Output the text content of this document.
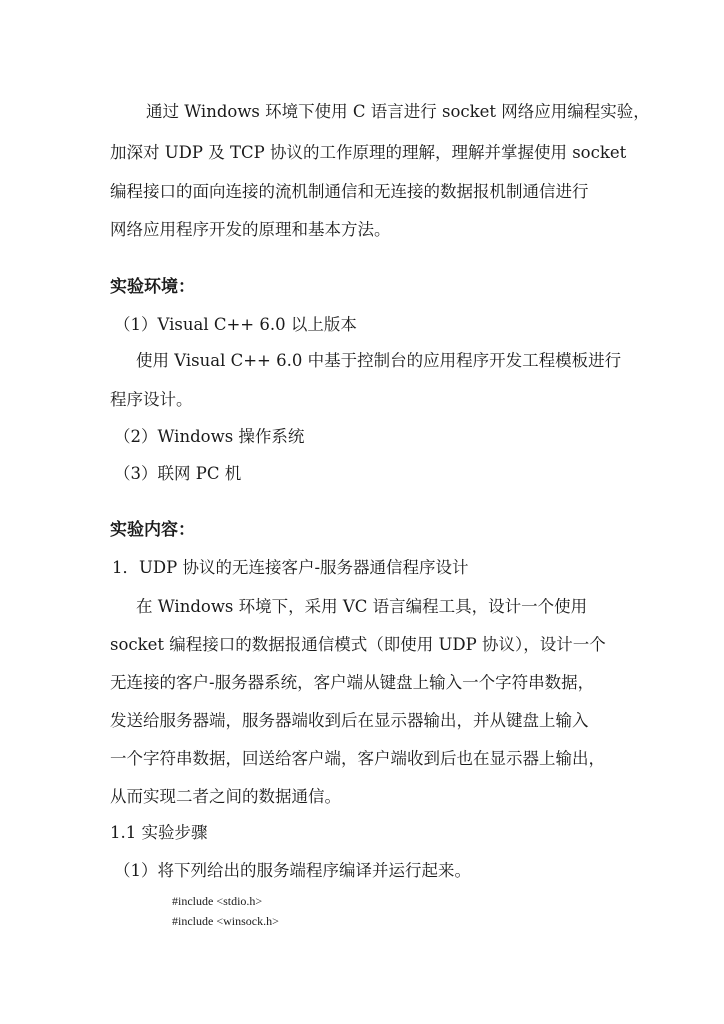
通过 Windows 环境下使用 C 语言进行 socket 网络应用编程实验，
加深对 UDP 及 TCP 协议的工作原理的理解，理解并掌握使用 socket
编程接口的面向连接的流机制通信和无连接的数据报机制通信进行
网络应用程序开发的原理和基本方法。
实验环境：
（1）Visual C++ 6.0 以上版本
使用 Visual C++ 6.0 中基于控制台的应用程序开发工程模板进行
程序设计。
（2）Windows 操作系统
（3）联网 PC 机
实验内容：
1．UDP 协议的无连接客户-服务器通信程序设计
在 Windows 环境下，采用 VC 语言编程工具，设计一个使用
socket 编程接口的数据报通信模式（即使用 UDP 协议），设计一个
无连接的客户-服务器系统，客户端从键盘上输入一个字符串数据，
发送给服务器端，服务器端收到后在显示器输出，并从键盘上输入
一个字符串数据，回送给客户端，客户端收到后也在显示器上输出，
从而实现二者之间的数据通信。
1.1 实验步骤
（1）将下列给出的服务端程序编译并运行起来。
#include <stdio.h>
#include <winsock.h>
